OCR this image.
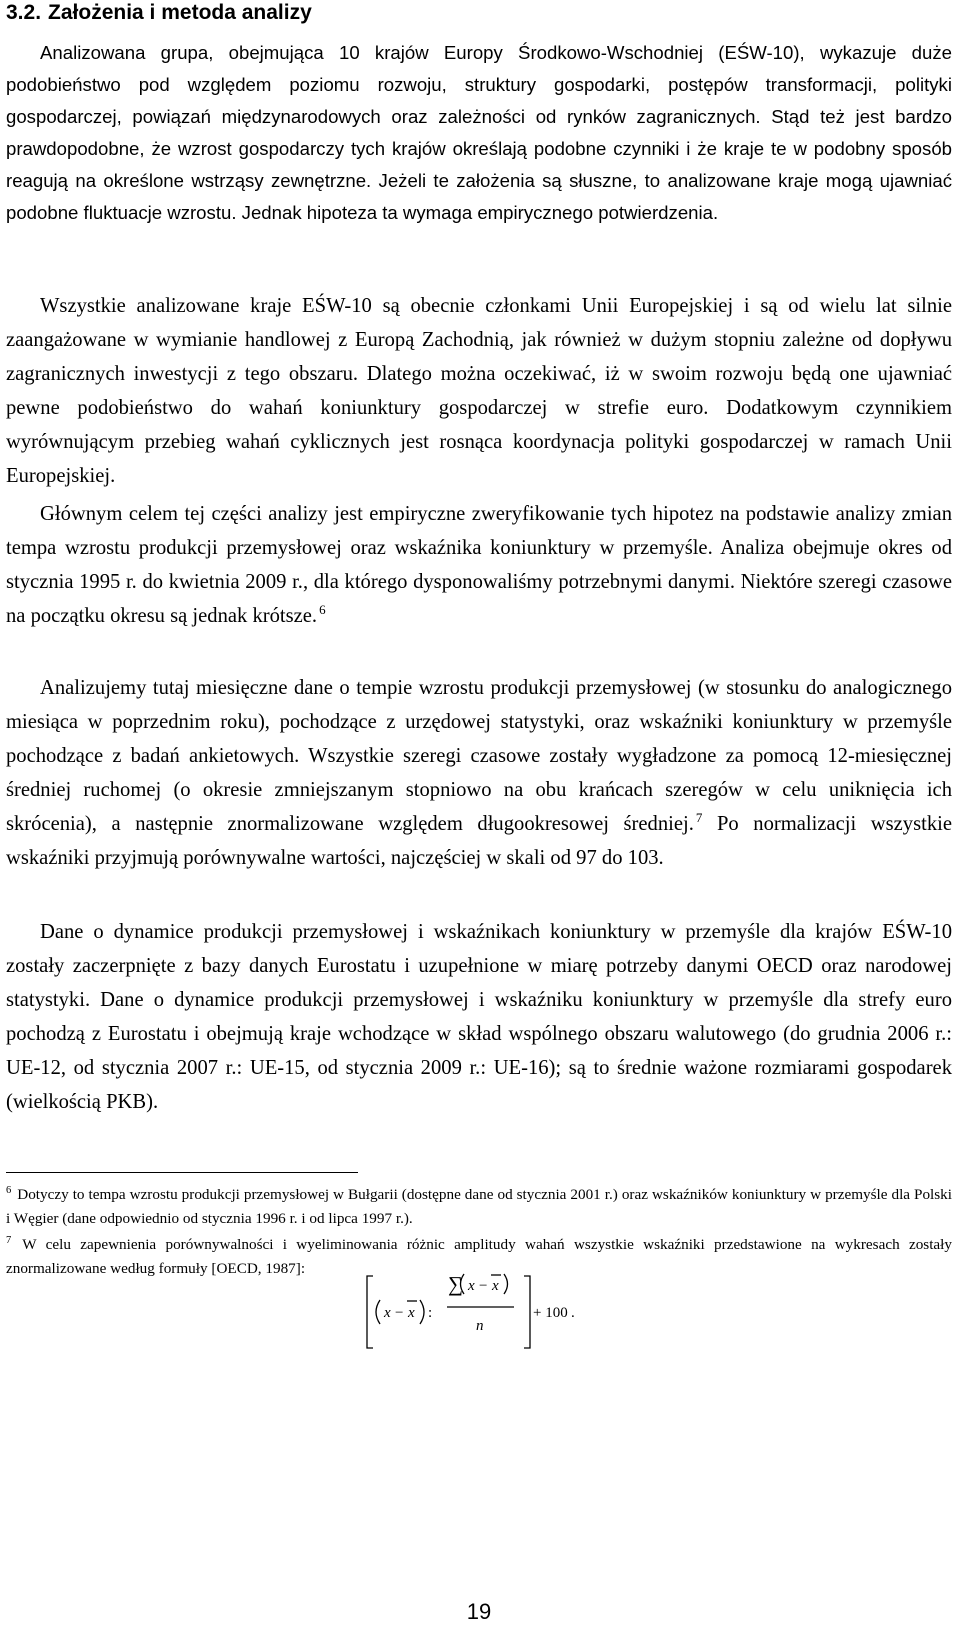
3.2. Założenia i metoda analizy

Analizowana grupa, obejmująca 10 krajów Europy Środkowo-Wschodniej (EŚW-10), wykazuje duże podobieństwo pod względem poziomu rozwoju, struktury gospodarki, postępów transformacji, polityki gospodarczej, powiązań międzynarodowych oraz zależności od rynków zagranicznych. Stąd też jest bardzo prawdopodobne, że wzrost gospodarczy tych krajów określają podobne czynniki i że kraje te w podobny sposób reagują na określone wstrząsy zewnętrzne. Jeżeli te założenia są słuszne, to analizowane kraje mogą ujawniać podobne fluktuacje wzrostu. Jednak hipoteza ta wymaga empirycznego potwierdzenia.

Wszystkie analizowane kraje EŚW-10 są obecnie członkami Unii Europejskiej i są od wielu lat silnie zaangażowane w wymianie handlowej z Europą Zachodnią, jak również w dużym stopniu zależne od dopływu zagranicznych inwestycji z tego obszaru. Dlatego można oczekiwać, iż w swoim rozwoju będą one ujawniać pewne podobieństwo do wahań koniunktury gospodarczej w strefie euro. Dodatkowym czynnikiem wyrównującym przebieg wahań cyklicznych jest rosnąca koordynacja polityki gospodarczej w ramach Unii Europejskiej.

Głównym celem tej części analizy jest empiryczne zweryfikowanie tych hipotez na podstawie analizy zmian tempa wzrostu produkcji przemysłowej oraz wskaźnika koniunktury w przemyśle. Analiza obejmuje okres od stycznia 1995 r. do kwietnia 2009 r., dla którego dysponowaliśmy potrzebnymi danymi. Niektóre szeregi czasowe na początku okresu są jednak krótsze. $^6$

Analizujemy tutaj miesięczne dane o tempie wzrostu produkcji przemysłowej (w stosunku do analogicznego miesiąca w poprzednim roku), pochodzące z urzędowej statystyki, oraz wskaźniki koniunktury w przemyśle pochodzące z badań ankietowych. Wszystkie szeregi czasowe zostały wygładzone za pomocą 12-miesięcznej średniej ruchomej (o okresie zmniejszanym stopniowo na obu krańcach szeregów w celu uniknięcia ich skrócenia), a następnie znormalizowane względem długookresowej średniej. $^7$ Po normalizacji wszystkie wskaźniki przyjmują porównywalne wartości, najczęściej w skali od 97 do 103.

Dane o dynamice produkcji przemysłowej i wskaźnikach koniunktury w przemyśle dla krajów EŚW-10 zostały zaczerpnięte z bazy danych Eurostatu i uzupełnione w miarę potrzeby danymi OECD oraz narodowej statystyki. Dane o dynamice produkcji przemysłowej i wskaźniku koniunktury w przemyśle dla strefy euro pochodzą z Eurostatu i obejmują kraje wchodzące w skład wspólnego obszaru walutowego (do grudnia 2006 r.: UE-12, od stycznia 2007 r.: UE-15, od stycznia 2009 r.: UE-16); są to średnie ważone rozmiarami gospodarek (wielkością PKB).

$^6$ Dotyczy to tempa wzrostu produkcji przemysłowej w Bułgarii (dostępne dane od stycznia 2001 r.) oraz wskaźników koniunktury w przemyśle dla Polski i Węgier (dane odpowiednio od stycznia 1996 r. i od lipca 1997 r.).

$^7$ W celu zapewnienia porównywalności i wyeliminowania różnic amplitudy wahań wszystkie wskaźniki przedstawione na wykresach zostały znormalizowane według formuły [OECD, 1987]:

x − x :
∑ x − x
n
+ 100 .

19
